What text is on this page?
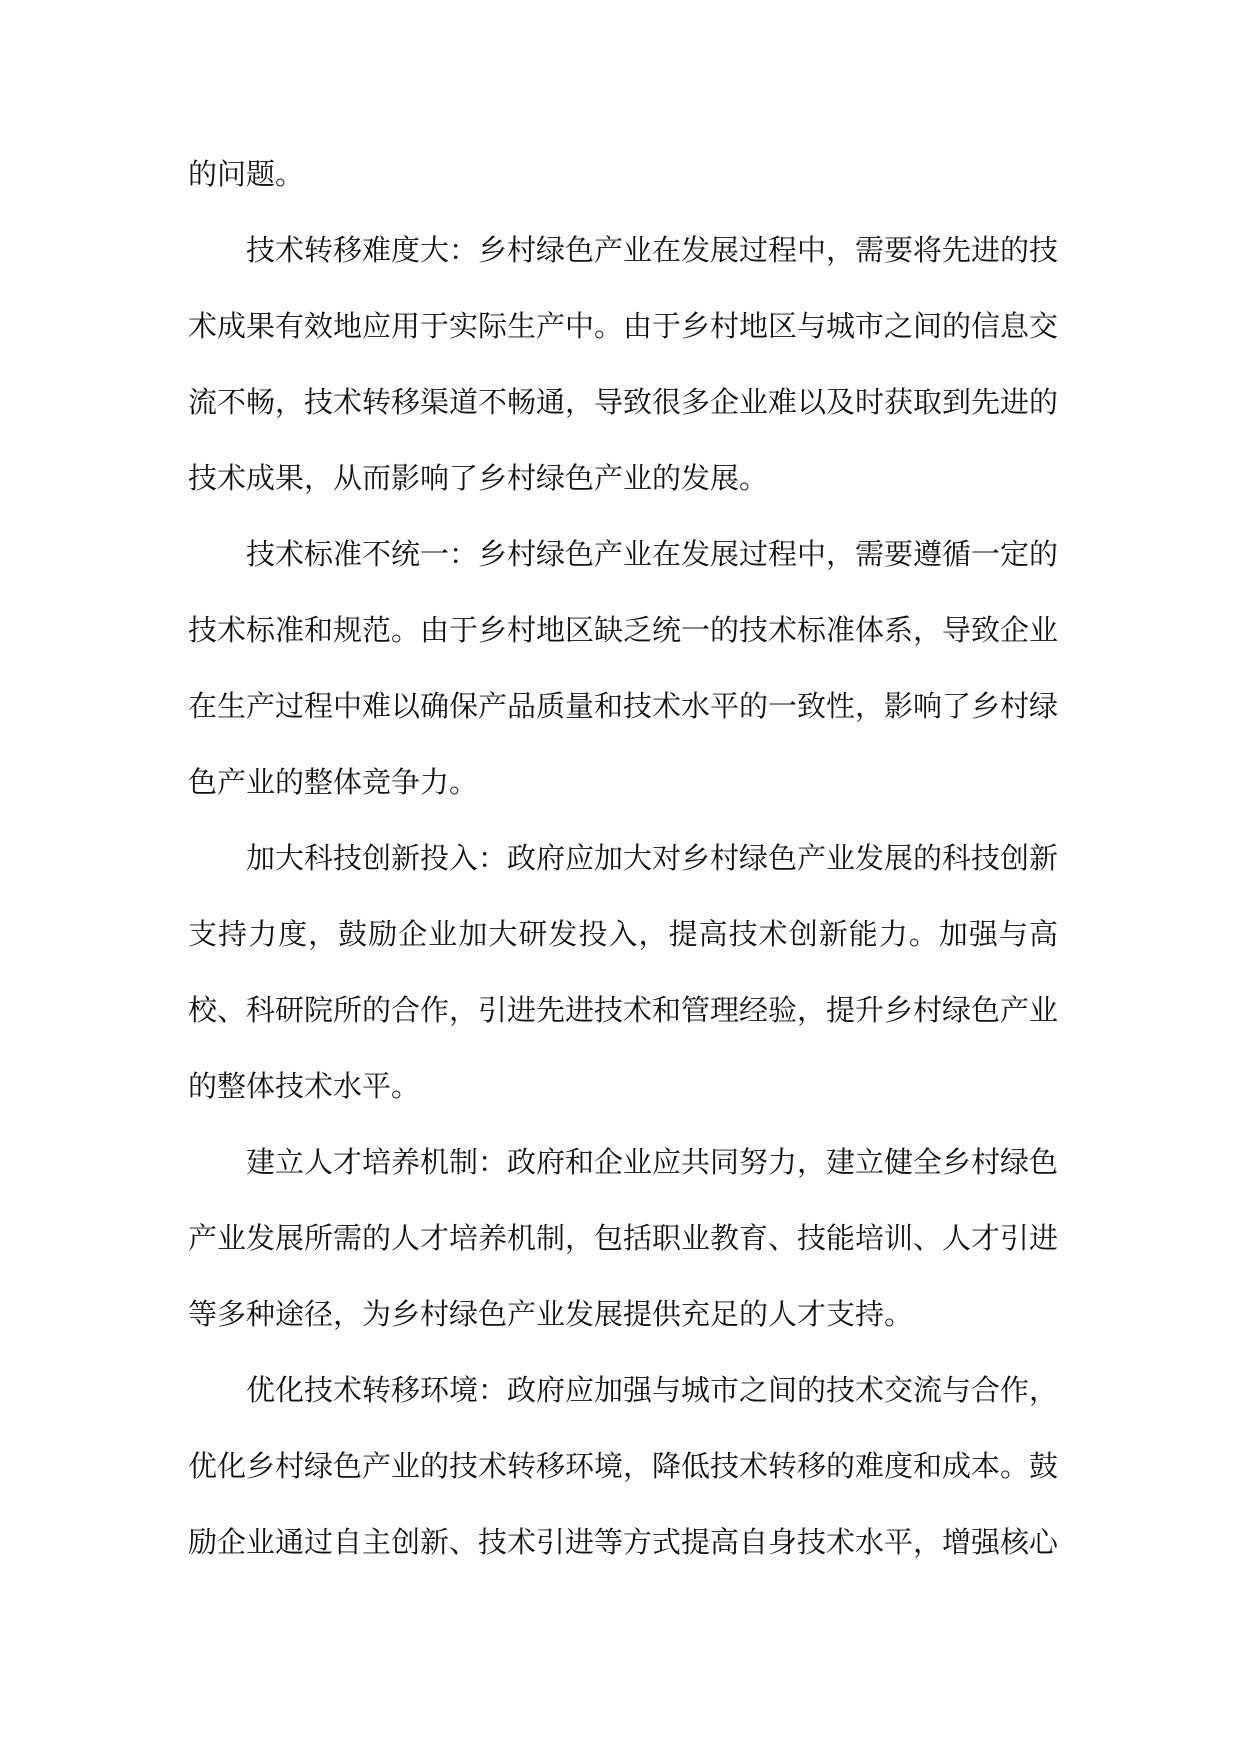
的问题。

技术转移难度大：乡村绿色产业在发展过程中，需要将先进的技术成果有效地应用于实际生产中。由于乡村地区与城市之间的信息交流不畅，技术转移渠道不畅通，导致很多企业难以及时获取到先进的技术成果，从而影响了乡村绿色产业的发展。

技术标准不统一：乡村绿色产业在发展过程中，需要遵循一定的技术标准和规范。由于乡村地区缺乏统一的技术标准体系，导致企业在生产过程中难以确保产品质量和技术水平的一致性，影响了乡村绿色产业的整体竞争力。

加大科技创新投入：政府应加大对乡村绿色产业发展的科技创新支持力度，鼓励企业加大研发投入，提高技术创新能力。加强与高校、科研院所的合作，引进先进技术和管理经验，提升乡村绿色产业的整体技术水平。

建立人才培养机制：政府和企业应共同努力，建立健全乡村绿色产业发展所需的人才培养机制，包括职业教育、技能培训、人才引进等多种途径，为乡村绿色产业发展提供充足的人才支持。

优化技术转移环境：政府应加强与城市之间的技术交流与合作，优化乡村绿色产业的技术转移环境，降低技术转移的难度和成本。鼓励企业通过自主创新、技术引进等方式提高自身技术水平，增强核心
